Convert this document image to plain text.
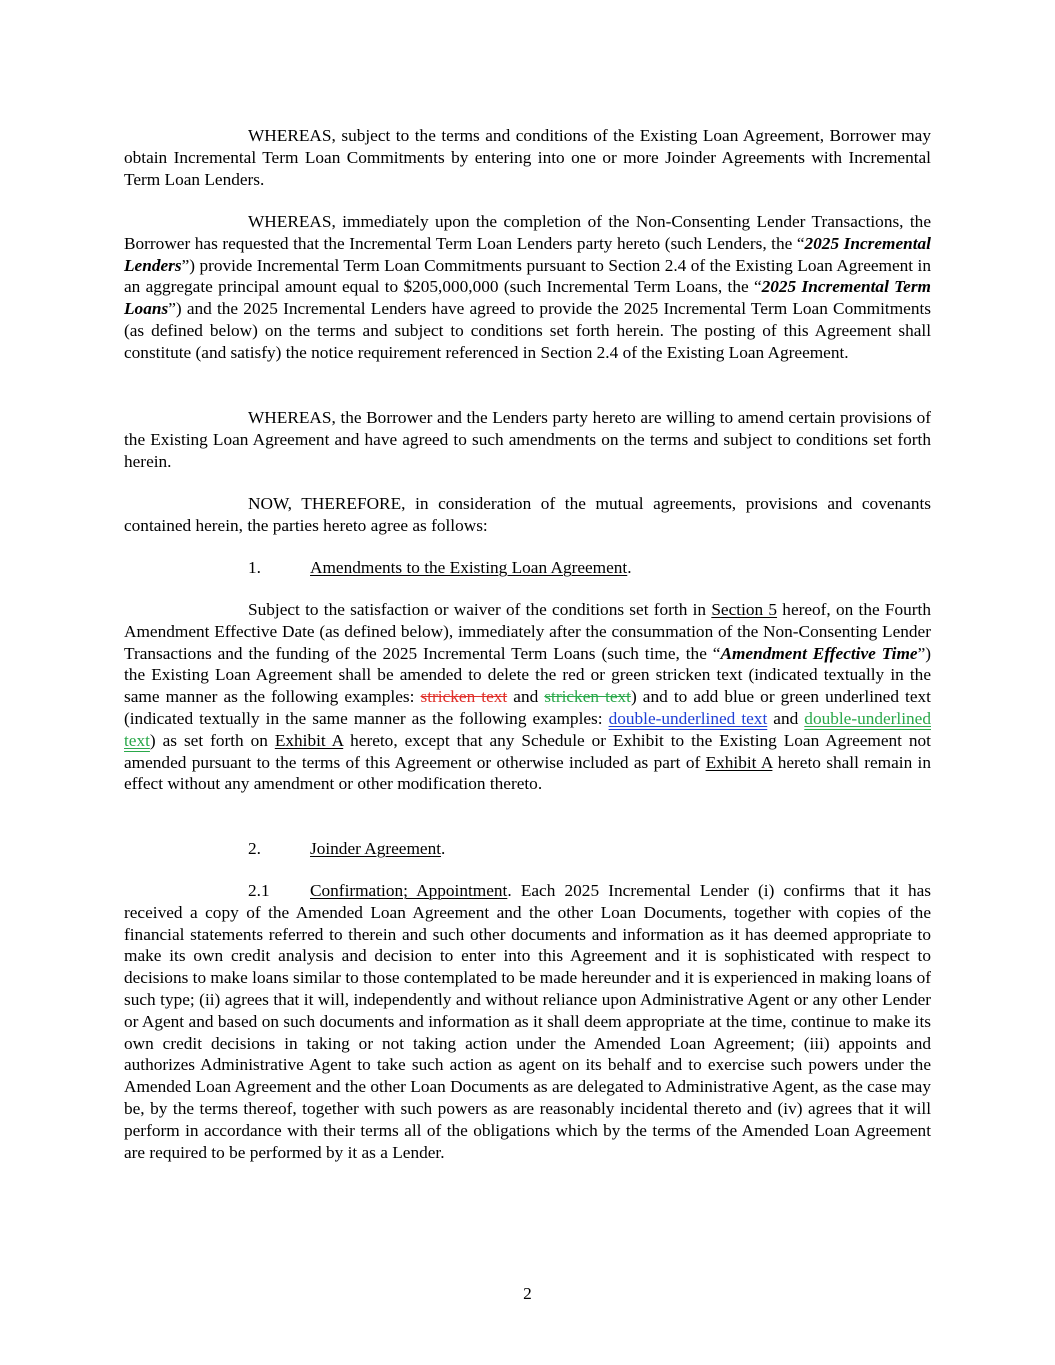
WHEREAS, subject to the terms and conditions of the Existing Loan Agreement, Borrower may obtain Incremental Term Loan Commitments by entering into one or more Joinder Agreements with Incremental Term Loan Lenders.

WHEREAS, immediately upon the completion of the Non-Consenting Lender Transactions, the Borrower has requested that the Incremental Term Loan Lenders party hereto (such Lenders, the “2025 Incremental Lenders”) provide Incremental Term Loan Commitments pursuant to Section 2.4 of the Existing Loan Agreement in an aggregate principal amount equal to $205,000,000 (such Incremental Term Loans, the “2025 Incremental Term Loans”) and the 2025 Incremental Lenders have agreed to provide the 2025 Incremental Term Loan Commitments (as defined below) on the terms and subject to conditions set forth herein. The posting of this Agreement shall constitute (and satisfy) the notice requirement referenced in Section 2.4 of the Existing Loan Agreement.

WHEREAS, the Borrower and the Lenders party hereto are willing to amend certain provisions of the Existing Loan Agreement and have agreed to such amendments on the terms and subject to conditions set forth herein.

NOW, THEREFORE, in consideration of the mutual agreements, provisions and covenants contained herein, the parties hereto agree as follows:

1.	Amendments to the Existing Loan Agreement.

Subject to the satisfaction or waiver of the conditions set forth in Section 5 hereof, on the Fourth Amendment Effective Date (as defined below), immediately after the consummation of the Non-Consenting Lender Transactions and the funding of the 2025 Incremental Term Loans (such time, the “Amendment Effective Time”) the Existing Loan Agreement shall be amended to delete the red or green stricken text (indicated textually in the same manner as the following examples: stricken text and stricken text) and to add blue or green underlined text (indicated textually in the same manner as the following examples: double-underlined text and double-underlined text) as set forth on Exhibit A hereto, except that any Schedule or Exhibit to the Existing Loan Agreement not amended pursuant to the terms of this Agreement or otherwise included as part of Exhibit A hereto shall remain in effect without any amendment or other modification thereto.

2.	Joinder Agreement.

2.1 Confirmation; Appointment. Each 2025 Incremental Lender (i) confirms that it has received a copy of the Amended Loan Agreement and the other Loan Documents, together with copies of the financial statements referred to therein and such other documents and information as it has deemed appropriate to make its own credit analysis and decision to enter into this Agreement and it is sophisticated with respect to decisions to make loans similar to those contemplated to be made hereunder and it is experienced in making loans of such type; (ii) agrees that it will, independently and without reliance upon Administrative Agent or any other Lender or Agent and based on such documents and information as it shall deem appropriate at the time, continue to make its own credit decisions in taking or not taking action under the Amended Loan Agreement; (iii) appoints and authorizes Administrative Agent to take such action as agent on its behalf and to exercise such powers under the Amended Loan Agreement and the other Loan Documents as are delegated to Administrative Agent, as the case may be, by the terms thereof, together with such powers as are reasonably incidental thereto and (iv) agrees that it will perform in accordance with their terms all of the obligations which by the terms of the Amended Loan Agreement are required to be performed by it as a Lender.

2
